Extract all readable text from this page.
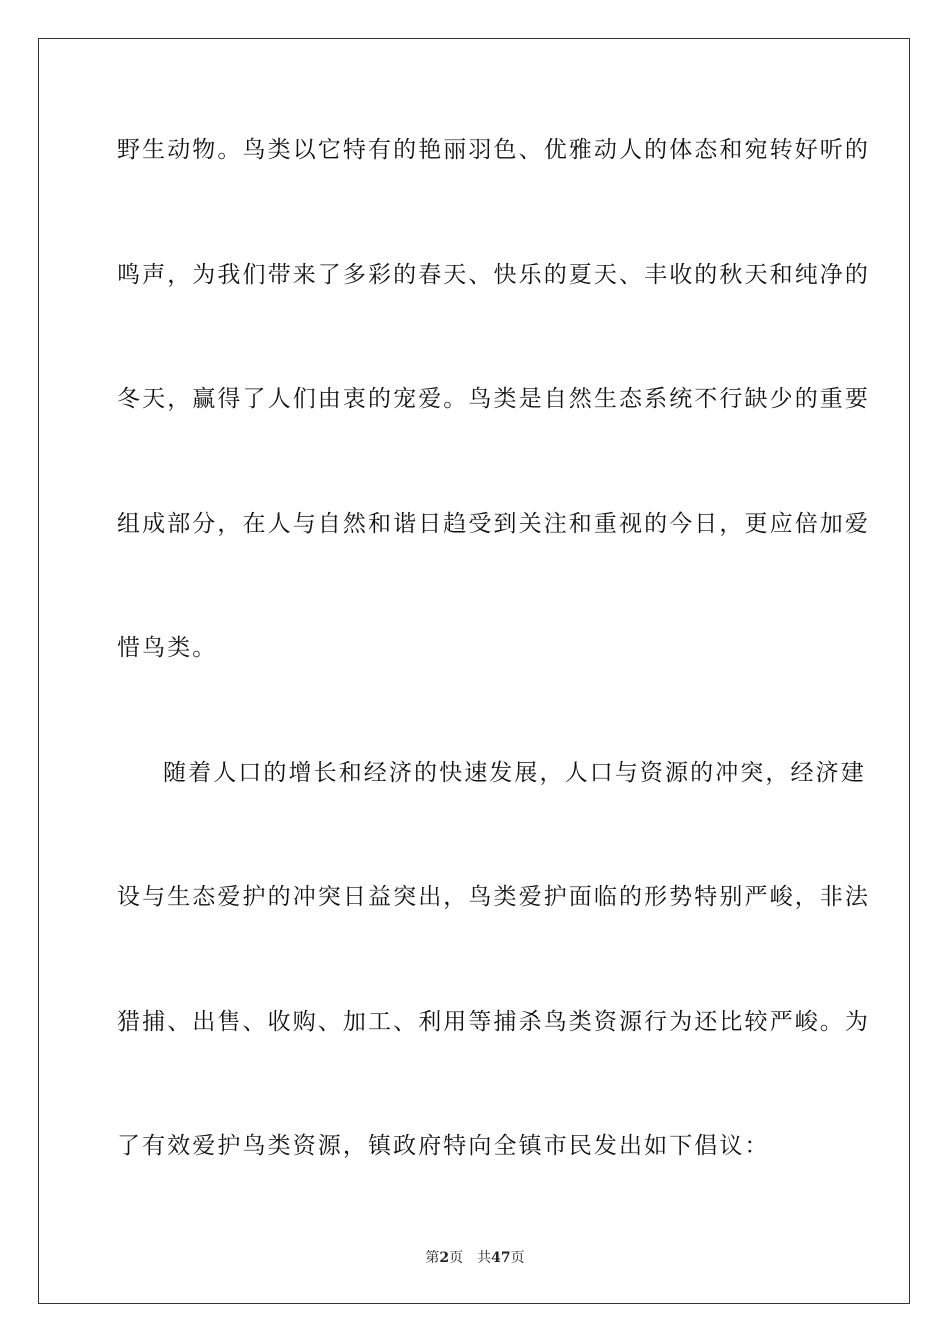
野生动物。鸟类以它特有的艳丽羽色、优雅动人的体态和宛转好听的
鸣声，为我们带来了多彩的春天、快乐的夏天、丰收的秋天和纯净的
冬天，赢得了人们由衷的宠爱。鸟类是自然生态系统不行缺少的重要
组成部分，在人与自然和谐日趋受到关注和重视的今日，更应倍加爱
惜鸟类。
随着人口的增长和经济的快速发展，人口与资源的冲突，经济建
设与生态爱护的冲突日益突出，鸟类爱护面临的形势特别严峻，非法
猎捕、出售、收购、加工、利用等捕杀鸟类资源行为还比较严峻。为
了有效爱护鸟类资源，镇政府特向全镇市民发出如下倡议：
第2页 共47页
